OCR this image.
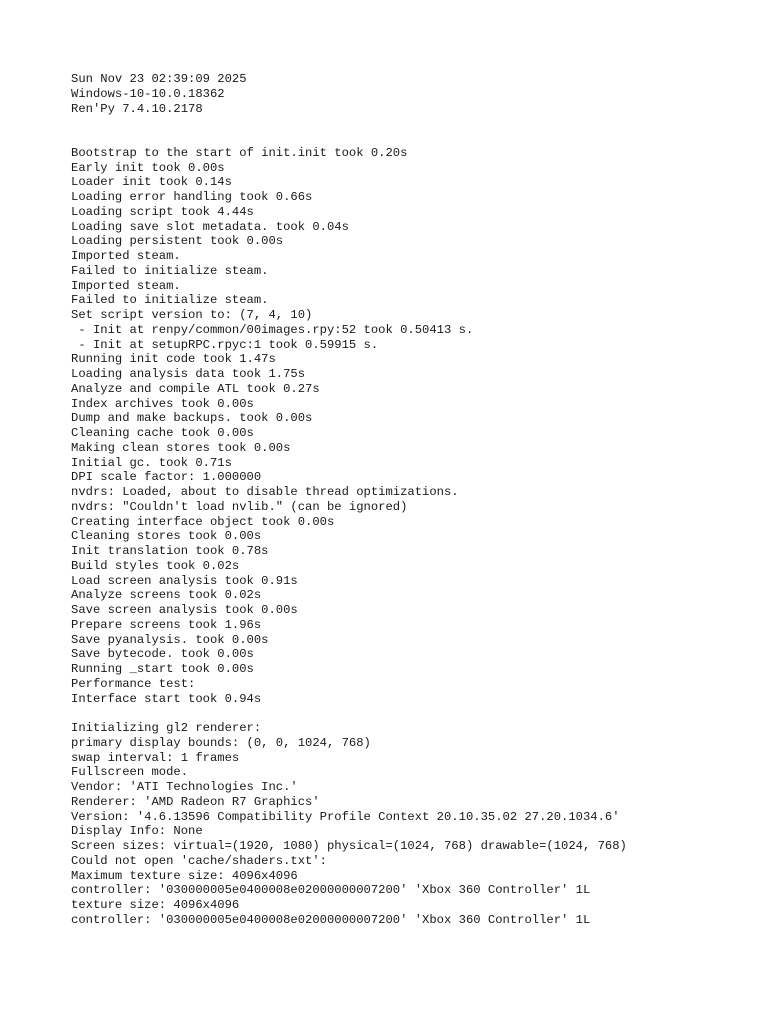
Sun Nov 23 02:39:09 2025
Windows-10-10.0.18362
Ren'Py 7.4.10.2178
Bootstrap to the start of init.init took 0.20s
Early init took 0.00s
Loader init took 0.14s
Loading error handling took 0.66s
Loading script took 4.44s
Loading save slot metadata. took 0.04s
Loading persistent took 0.00s
Imported steam.
Failed to initialize steam.
Imported steam.
Failed to initialize steam.
Set script version to: (7, 4, 10)
- Init at renpy/common/00images.rpy:52 took 0.50413 s.
- Init at setupRPC.rpyc:1 took 0.59915 s.
Running init code took 1.47s
Loading analysis data took 1.75s
Analyze and compile ATL took 0.27s
Index archives took 0.00s
Dump and make backups. took 0.00s
Cleaning cache took 0.00s
Making clean stores took 0.00s
Initial gc. took 0.71s
DPI scale factor: 1.000000
nvdrs: Loaded, about to disable thread optimizations.
nvdrs: "Couldn't load nvlib." (can be ignored)
Creating interface object took 0.00s
Cleaning stores took 0.00s
Init translation took 0.78s
Build styles took 0.02s
Load screen analysis took 0.91s
Analyze screens took 0.02s
Save screen analysis took 0.00s
Prepare screens took 1.96s
Save pyanalysis. took 0.00s
Save bytecode. took 0.00s
Running _start took 0.00s
Performance test:
Interface start took 0.94s
Initializing gl2 renderer:
primary display bounds: (0, 0, 1024, 768)
swap interval: 1 frames
Fullscreen mode.
Vendor: 'ATI Technologies Inc.'
Renderer: 'AMD Radeon R7 Graphics'
Version: '4.6.13596 Compatibility Profile Context 20.10.35.02 27.20.1034.6'
Display Info: None
Screen sizes: virtual=(1920, 1080) physical=(1024, 768) drawable=(1024, 768)
Could not open 'cache/shaders.txt':
Maximum texture size: 4096x4096
controller: '030000005e0400008e02000000007200' 'Xbox 360 Controller' 1L
texture size: 4096x4096
controller: '030000005e0400008e02000000007200' 'Xbox 360 Controller' 1L
